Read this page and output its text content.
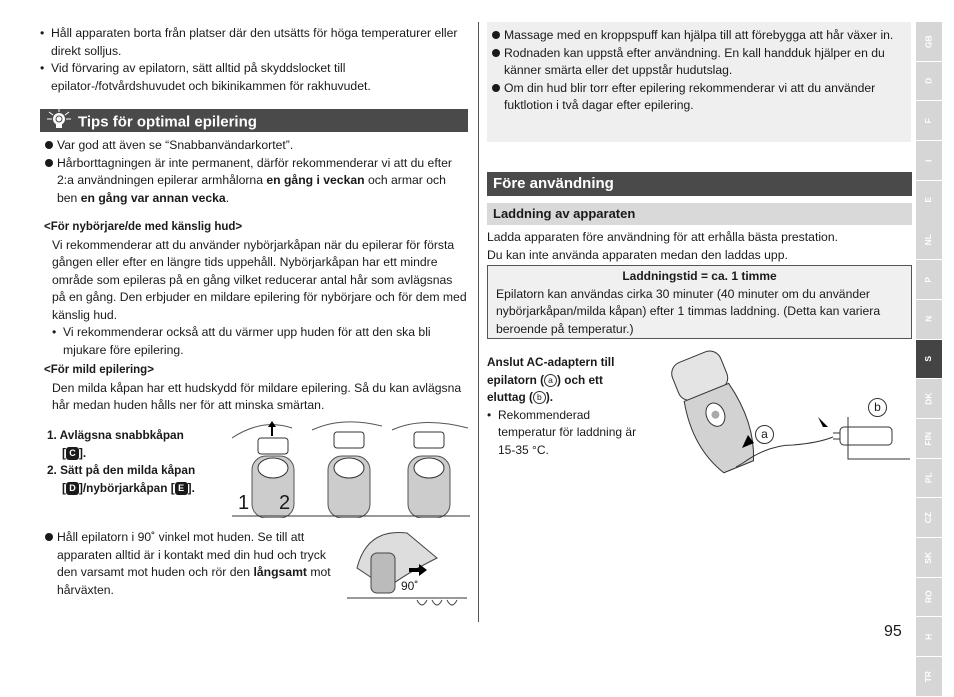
• Håll apparaten borta från platser där den utsätts för höga temperaturer eller direkt solljus.

• Vid förvaring av epilatorn, sätt alltid på skyddslocket till epilator-/fotvårdshuvudet och bikinikammen för rakhuvudet.

Tips för optimal epilering

Var god att även se “Snabbanvändarkortet”.

Hårborttagningen är inte permanent, därför rekommenderar vi att du efter 2:a användningen epilerar armhålorna en gång i veckan och armar och ben en gång var annan vecka.

<För nybörjare/de med känslig hud>

Vi rekommenderar att du använder nybörjarkåpan när du epilerar för första gången eller efter en längre tids uppehåll. Nybörjarkåpan har ett mindre område som epileras på en gång vilket reducerar antal hår som avlägsnas på en gång. Den erbjuder en mildare epilering för nybörjare och för dem med känslig hud.

• Vi rekommenderar också att du värmer upp huden för att den ska bli mjukare före epilering.

<För mild epilering>

Den milda kåpan har ett hudskydd för mildare epilering. Så du kan avlägsna hår medan huden hålls ner för att minska smärtan.

1. Avlägsna snabbkåpan

[ C ].

2. Sätt på den milda kåpan

[ D ]/nybörjarkåpan [ E ].

1 2

Håll epilatorn i 90˚ vinkel mot huden. Se till att apparaten alltid är i kontakt med din hud och tryck den varsamt mot huden och rör den långsamt mot hårväxten.	90˚

Massage med en kroppspuff kan hjälpa till att förebygga att hår växer in.

Rodnaden kan uppstå efter användning. En kall handduk hjälper en du känner smärta eller det uppstår hudutslag.

Om din hud blir torr efter epilering rekommenderar vi att du använder fuktlotion i två dagar efter epilering.

Före användning
Laddning av apparaten

Ladda apparaten före användning för att erhålla bästa prestation.

Du kan inte använda apparaten medan den laddas upp.

Laddningstid = ca. 1 timme

Epilatorn kan användas cirka 30 minuter (40 minuter om du använder nybörjarkåpan/milda kåpan) efter 1 timmas laddning. (Detta kan variera beroende på temperatur.)

Anslut AC-adaptern till epilatorn ( a ) och ett eluttag ( b ).

• Rekommenderad temperatur för laddning är 15-35 °C.

a
b
GB
D
F
I
E
NL
P
N
S
DK
FIN
PL
CZ
SK
RO
H
TR
95
